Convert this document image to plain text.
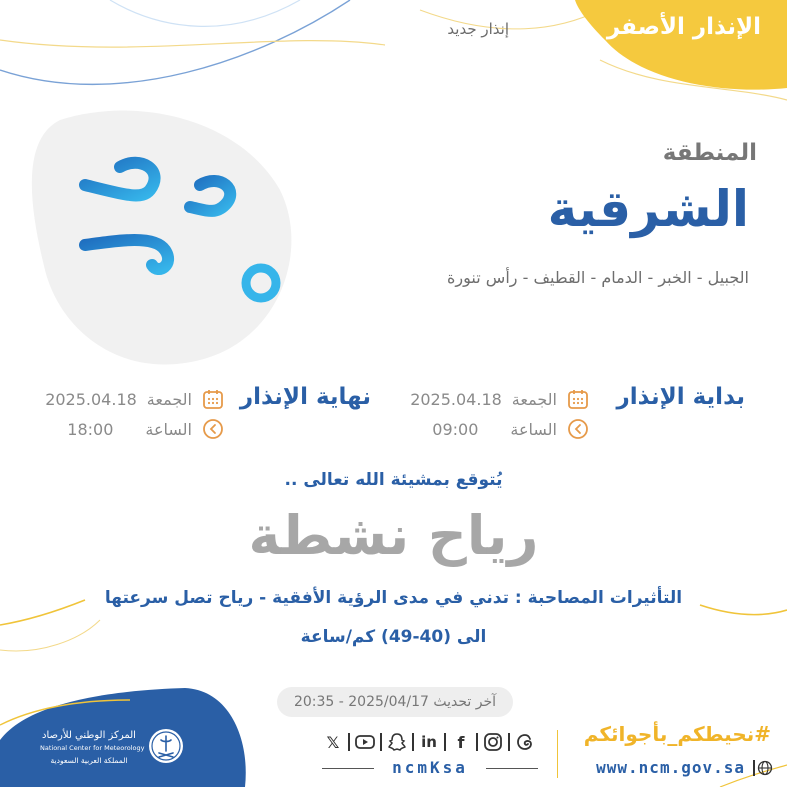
الإنذار الأصفر
إنذار جديد
المنطقة
الشرقية
الجبيل - الخبر - الدمام - القطيف - رأس تنورة
بداية الإنذار
الجمعة
2025.04.18
الساعة
09:00
نهاية الإنذار
الجمعة
2025.04.18
الساعة
18:00
يُتوقع بمشيئة الله تعالى ..
رياح نشطة
التأثيرات المصاحبة : تدني في مدى الرؤية الأفقية - رياح تصل سرعتها
الى (40-49) كم/ساعة
آخر تحديث 2025/04/17 - 20:35
المركز الوطني للأرصاد
National Center for Meteorology
المملكة العربية السعودية
𝕏	in	f
ncmKsa
#نحيطكم_بأجوائكم
www.ncm.gov.sa
